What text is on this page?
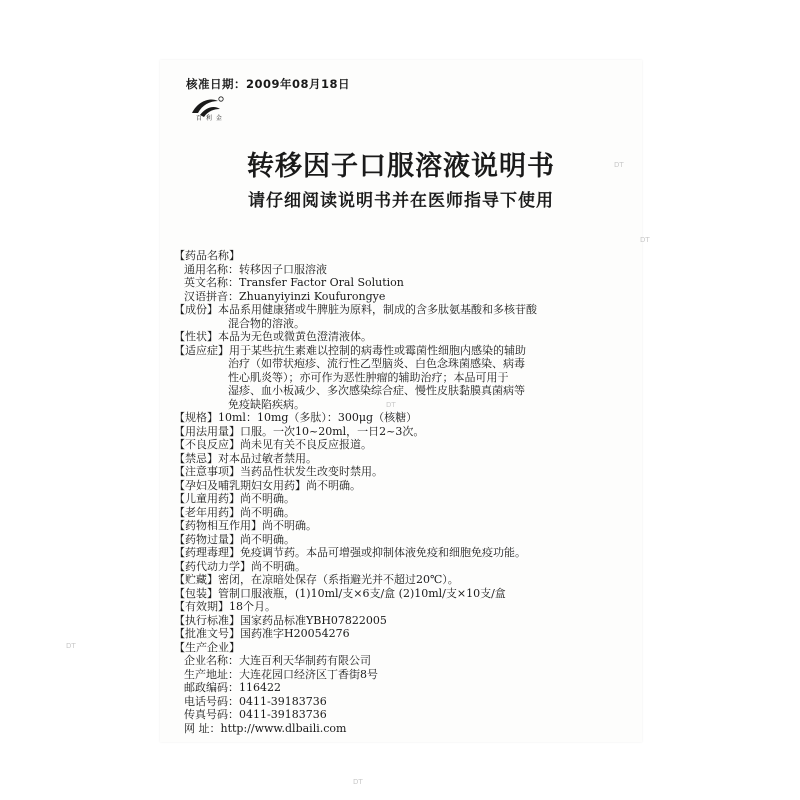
核准日期：2009年08月18日
百 利 金
转移因子口服溶液说明书
请仔细阅读说明书并在医师指导下使用
DT
DT
DT
DT
DT
【药品名称】
通用名称：转移因子口服溶液
英文名称：Transfer Factor Oral Solution
汉语拼音：Zhuanyiyinzi Koufurongye
【成份】本品系用健康猪或牛脾脏为原料，制成的含多肽氨基酸和多核苷酸
混合物的溶液。
【性状】本品为无色或微黄色澄清液体。
【适应症】用于某些抗生素难以控制的病毒性或霉菌性细胞内感染的辅助
治疗（如带状疱疹、流行性乙型脑炎、白色念珠菌感染、病毒
性心肌炎等）；亦可作为恶性肿瘤的辅助治疗；本品可用于
湿疹、血小板减少、多次感染综合症、慢性皮肤黏膜真菌病等
免疫缺陷疾病。
【规格】10ml：10mg（多肽）：300μg（核糖）
【用法用量】口服。一次10~20ml，一日2~3次。
【不良反应】尚未见有关不良反应报道。
【禁忌】对本品过敏者禁用。
【注意事项】当药品性状发生改变时禁用。
【孕妇及哺乳期妇女用药】尚不明确。
【儿童用药】尚不明确。
【老年用药】尚不明确。
【药物相互作用】尚不明确。
【药物过量】尚不明确。
【药理毒理】免疫调节药。本品可增强或抑制体液免疫和细胞免疫功能。
【药代动力学】尚不明确。
【贮藏】密闭，在凉暗处保存（系指避光并不超过20℃）。
【包装】管制口服液瓶，(1)10ml/支×6支/盒 (2)10ml/支×10支/盒
【有效期】18个月。
【执行标准】国家药品标准YBH07822005
【批准文号】国药准字H20054276
【生产企业】
企业名称：大连百利天华制药有限公司
生产地址：大连花园口经济区丁香街8号
邮政编码：116422
电话号码：0411-39183736
传真号码：0411-39183736
网 址：http://www.dlbaili.com
